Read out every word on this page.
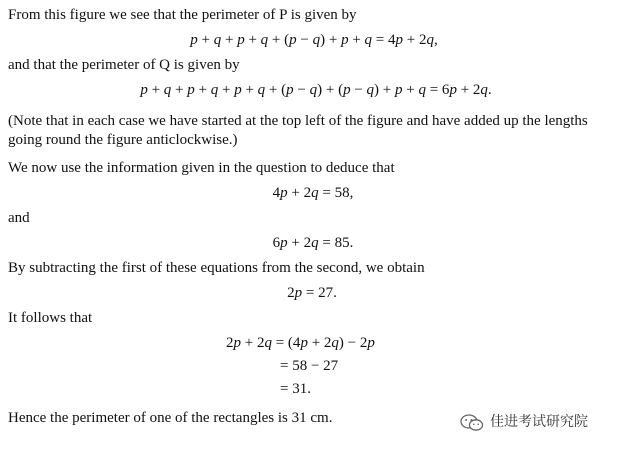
From this figure we see that the perimeter of P is given by

p + q + p + q + (p − q) + p + q = 4p + 2q,

and that the perimeter of Q is given by

p + q + p + q + p + q + (p − q) + (p − q) + p + q = 6p + 2q.

(Note that in each case we have started at the top left of the figure and have added up the lengths going round the figure anticlockwise.)

We now use the information given in the question to deduce that

4p + 2q = 58,

and

6p + 2q = 85.

By subtracting the first of these equations from the second, we obtain

2p = 27.

It follows that

2p + 2q = (4p + 2q) − 2p
= 58 − 27
= 31.

Hence the perimeter of one of the rectangles is 31 cm.	佳进考试研究院
